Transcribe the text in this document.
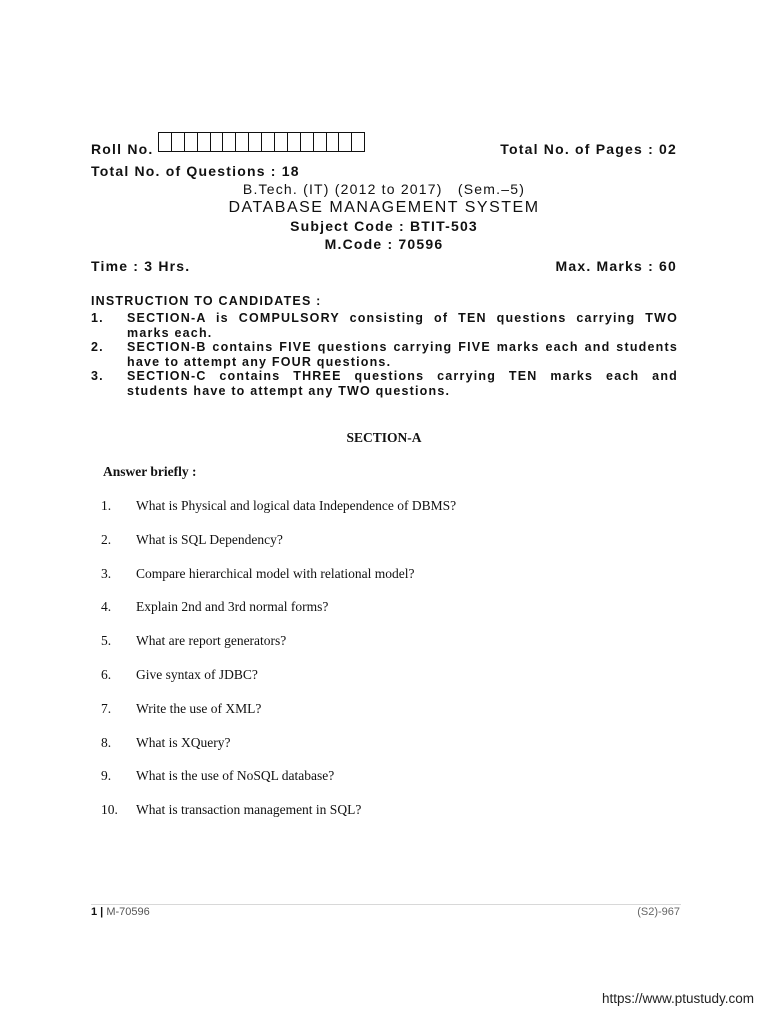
Roll No.	Total No. of Pages : 02
Total No. of Questions : 18
B.Tech. (IT) (2012 to 2017)   (Sem.–5)
DATABASE MANAGEMENT SYSTEM
Subject Code : BTIT-503
M.Code : 70596
Time : 3 Hrs.	Max. Marks : 60
INSTRUCTION TO CANDIDATES :
1.	SECTION-A is COMPULSORY consisting of TEN questions carrying TWO marks each.
2.	SECTION-B contains FIVE questions carrying FIVE marks each and students have to attempt any FOUR questions.
3.	SECTION-C contains THREE questions carrying TEN marks each and students have to attempt any TWO questions.
SECTION-A
Answer briefly :
1.	What is Physical and logical data Independence of DBMS?
2.	What is SQL Dependency?
3.	Compare hierarchical model with relational model?
4.	Explain 2nd and 3rd normal forms?
5.	What are report generators?
6.	Give syntax of JDBC?
7.	Write the use of XML?
8.	What is XQuery?
9.	What is the use of NoSQL database?
10.	What is transaction management in SQL?
1 | M-70596	(S2)-967
https://www.ptustudy.com
